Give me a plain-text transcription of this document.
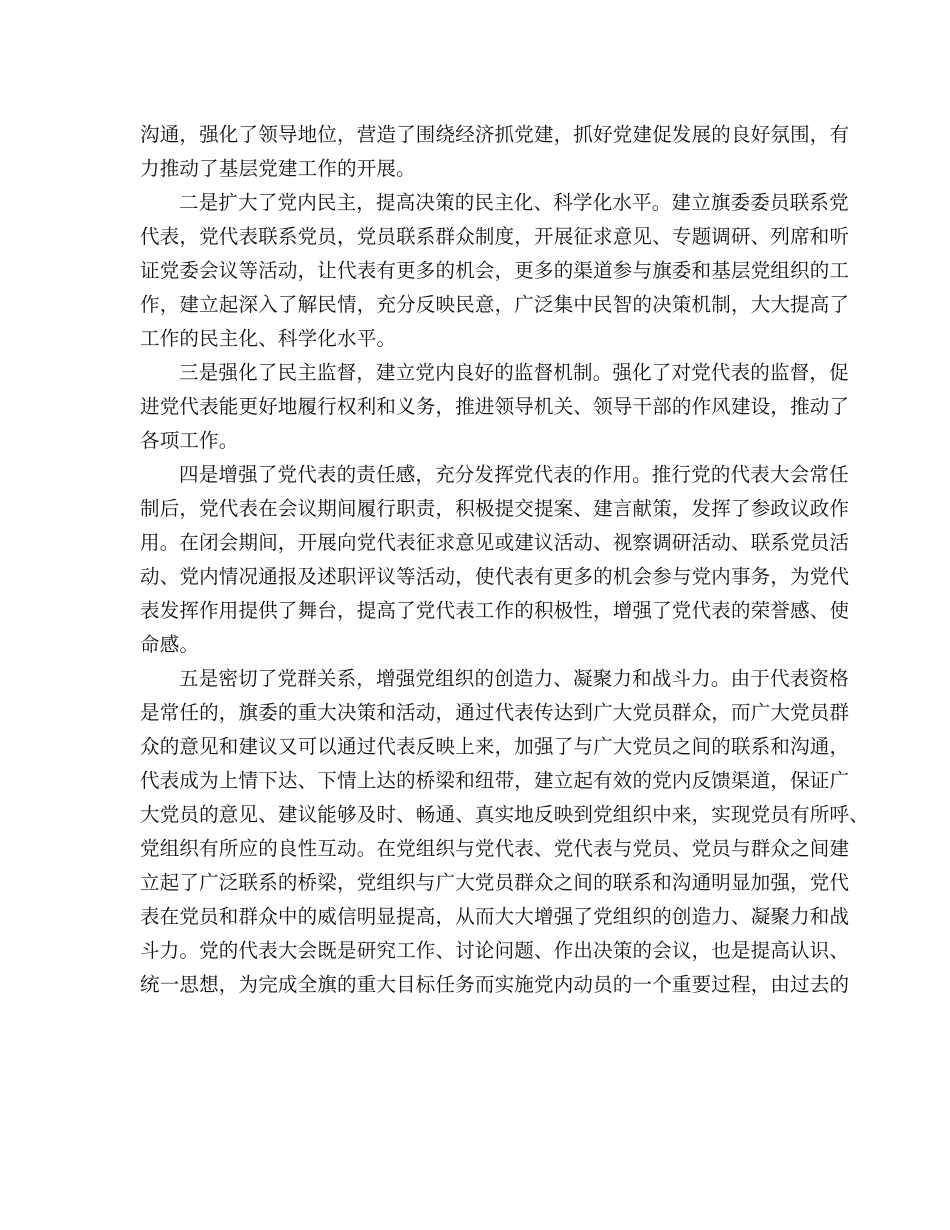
沟通，强化了领导地位，营造了围绕经济抓党建，抓好党建促发展的良好氛围，有
力推动了基层党建工作的开展。
二是扩大了党内民主，提高决策的民主化、科学化水平。建立旗委委员联系党
代表，党代表联系党员，党员联系群众制度，开展征求意见、专题调研、列席和听
证党委会议等活动，让代表有更多的机会，更多的渠道参与旗委和基层党组织的工
作，建立起深入了解民情，充分反映民意，广泛集中民智的决策机制，大大提高了
工作的民主化、科学化水平。
三是强化了民主监督，建立党内良好的监督机制。强化了对党代表的监督，促
进党代表能更好地履行权利和义务，推进领导机关、领导干部的作风建设，推动了
各项工作。
四是增强了党代表的责任感，充分发挥党代表的作用。推行党的代表大会常任
制后，党代表在会议期间履行职责，积极提交提案、建言献策，发挥了参政议政作
用。在闭会期间，开展向党代表征求意见或建议活动、视察调研活动、联系党员活
动、党内情况通报及述职评议等活动，使代表有更多的机会参与党内事务，为党代
表发挥作用提供了舞台，提高了党代表工作的积极性，增强了党代表的荣誉感、使
命感。
五是密切了党群关系，增强党组织的创造力、凝聚力和战斗力。由于代表资格
是常任的，旗委的重大决策和活动，通过代表传达到广大党员群众，而广大党员群
众的意见和建议又可以通过代表反映上来，加强了与广大党员之间的联系和沟通，
代表成为上情下达、下情上达的桥梁和纽带，建立起有效的党内反馈渠道，保证广
大党员的意见、建议能够及时、畅通、真实地反映到党组织中来，实现党员有所呼、
党组织有所应的良性互动。在党组织与党代表、党代表与党员、党员与群众之间建
立起了广泛联系的桥梁，党组织与广大党员群众之间的联系和沟通明显加强，党代
表在党员和群众中的威信明显提高，从而大大增强了党组织的创造力、凝聚力和战
斗力。党的代表大会既是研究工作、讨论问题、作出决策的会议，也是提高认识、
统一思想，为完成全旗的重大目标任务而实施党内动员的一个重要过程，由过去的
